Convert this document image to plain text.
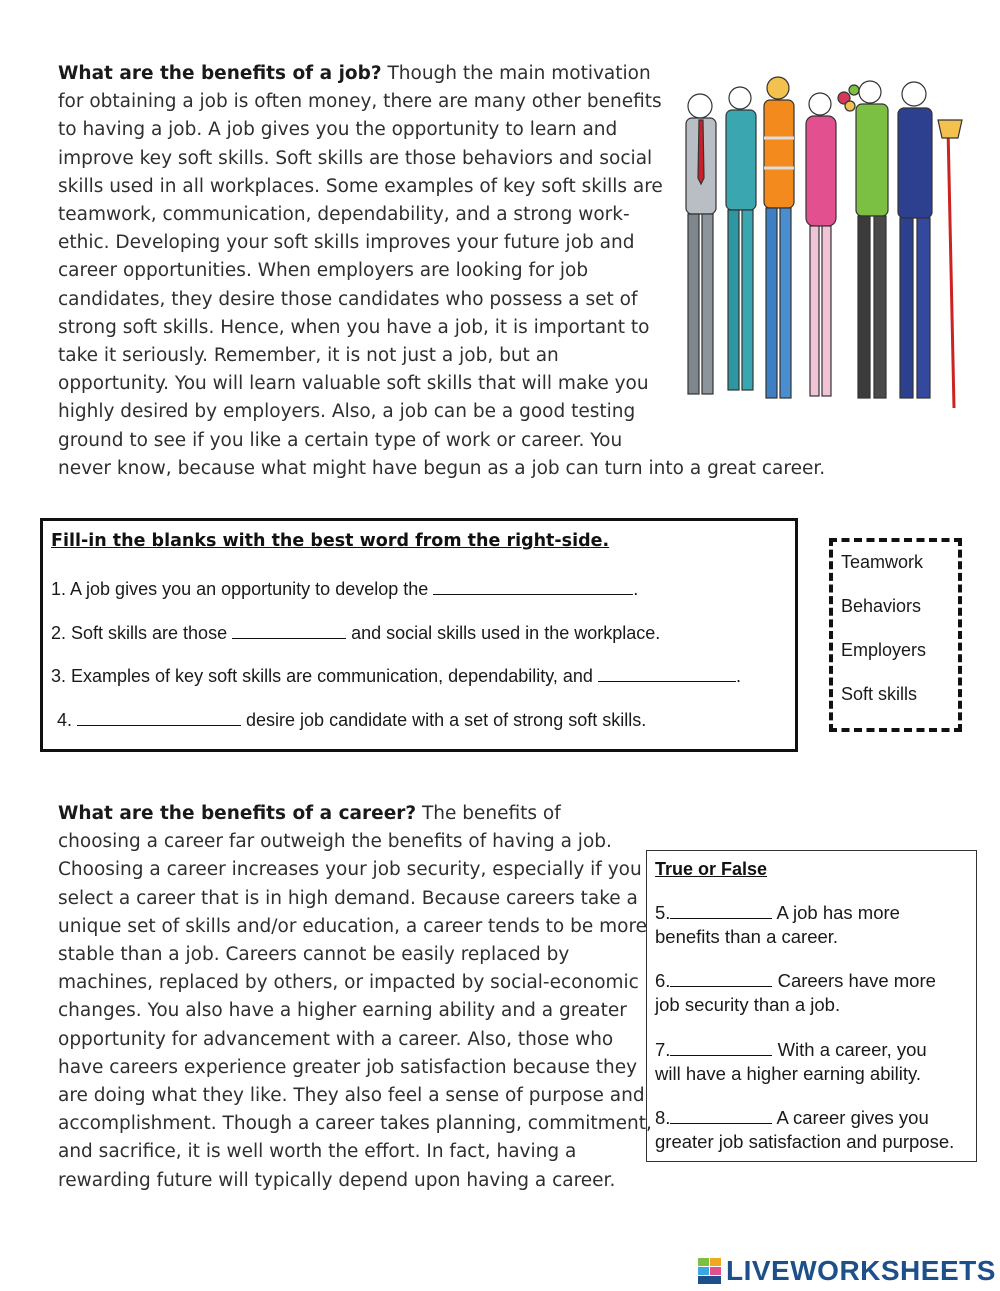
What are the benefits of a job? Though the main motivation
for obtaining a job is often money, there are many other benefits
to having a job. A job gives you the opportunity to learn and
improve key soft skills. Soft skills are those behaviors and social
skills used in all workplaces. Some examples of key soft skills are
teamwork, communication, dependability, and a strong work-
ethic. Developing your soft skills improves your future job and
career opportunities. When employers are looking for job
candidates, they desire those candidates who possess a set of
strong soft skills. Hence, when you have a job, it is important to
take it seriously. Remember, it is not just a job, but an
opportunity. You will learn valuable soft skills that will make you
highly desired by employers. Also, a job can be a good testing
ground to see if you like a certain type of work or career. You
never know, because what might have begun as a job can turn into a great career.
Fill-in the blanks with the best word from the right-side.
1. A job gives you an opportunity to develop the	.
2. Soft skills are those	and social skills used in the workplace.
3. Examples of key soft skills are communication, dependability, and	.
4.	desire job candidate with a set of strong soft skills.
Teamwork
Behaviors
Employers
Soft skills
What are the benefits of a career? The benefits of
choosing a career far outweigh the benefits of having a job.
Choosing a career increases your job security, especially if you
select a career that is in high demand. Because careers take a
unique set of skills and/or education, a career tends to be more
stable than a job. Careers cannot be easily replaced by
machines, replaced by others, or impacted by social-economic
changes. You also have a higher earning ability and a greater
opportunity for advancement with a career. Also, those who
have careers experience greater job satisfaction because they
are doing what they like. They also feel a sense of purpose and
accomplishment. Though a career takes planning, commitment,
and sacrifice, it is well worth the effort. In fact, having a
rewarding future will typically depend upon having a career.
True or False
5.	A job has more
benefits than a career.
6.	Careers have more
job security than a job.
7.	With a career, you
will have a higher earning ability.
8.	A career gives you
greater job satisfaction and purpose.
LIVEWORKSHEETS
